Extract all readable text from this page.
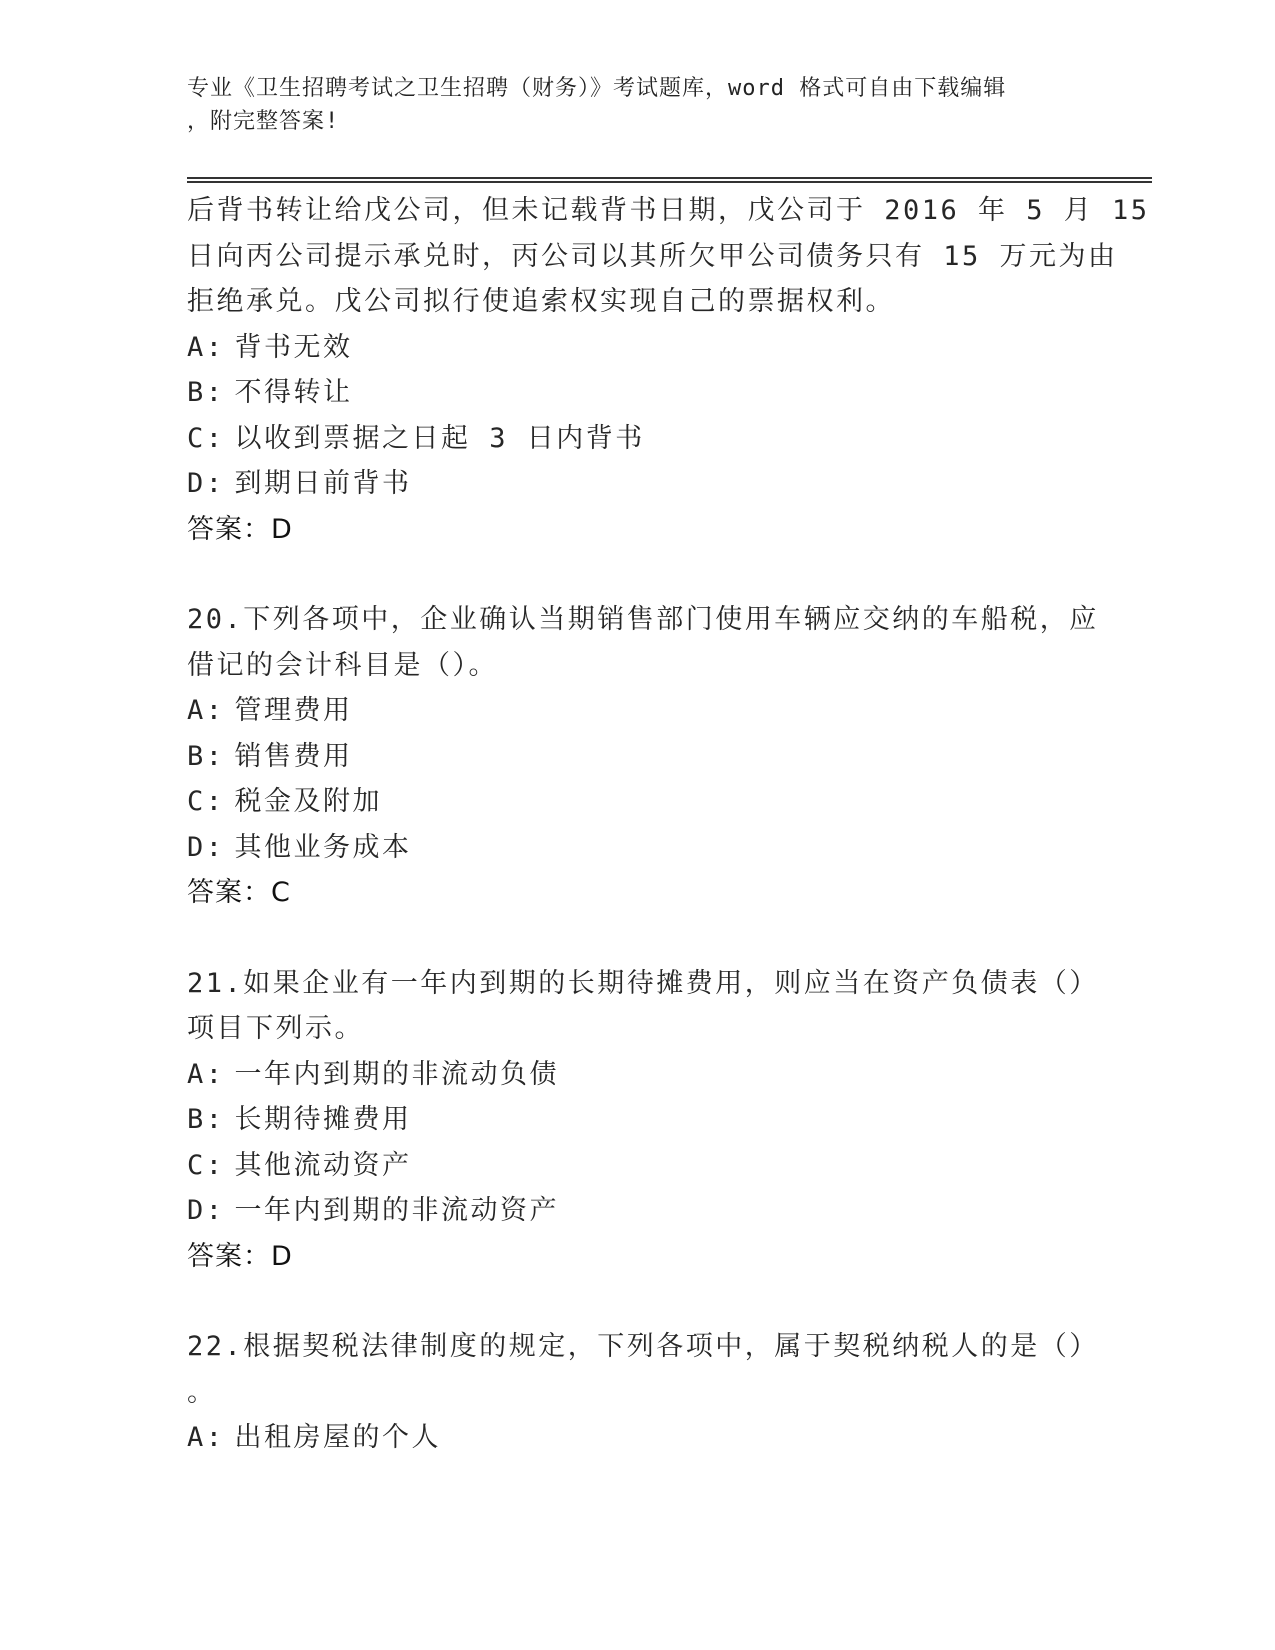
专业《卫生招聘考试之卫生招聘（财务）》考试题库，word 格式可自由下载编辑
，附完整答案!
后背书转让给戊公司，但未记载背书日期，戊公司于 2016 年 5 月 15
日向丙公司提示承兑时，丙公司以其所欠甲公司债务只有 15 万元为由
拒绝承兑。戊公司拟行使追索权实现自己的票据权利。
A: 背书无效
B: 不得转让
C: 以收到票据之日起 3 日内背书
D: 到期日前背书
答案：D
20.下列各项中，企业确认当期销售部门使用车辆应交纳的车船税，应
借记的会计科目是（）。
A: 管理费用
B: 销售费用
C: 税金及附加
D: 其他业务成本
答案：C
21.如果企业有一年内到期的长期待摊费用，则应当在资产负债表（）
项目下列示。
A: 一年内到期的非流动负债
B: 长期待摊费用
C: 其他流动资产
D: 一年内到期的非流动资产
答案：D
22.根据契税法律制度的规定，下列各项中，属于契税纳税人的是（）
。
A: 出租房屋的个人
